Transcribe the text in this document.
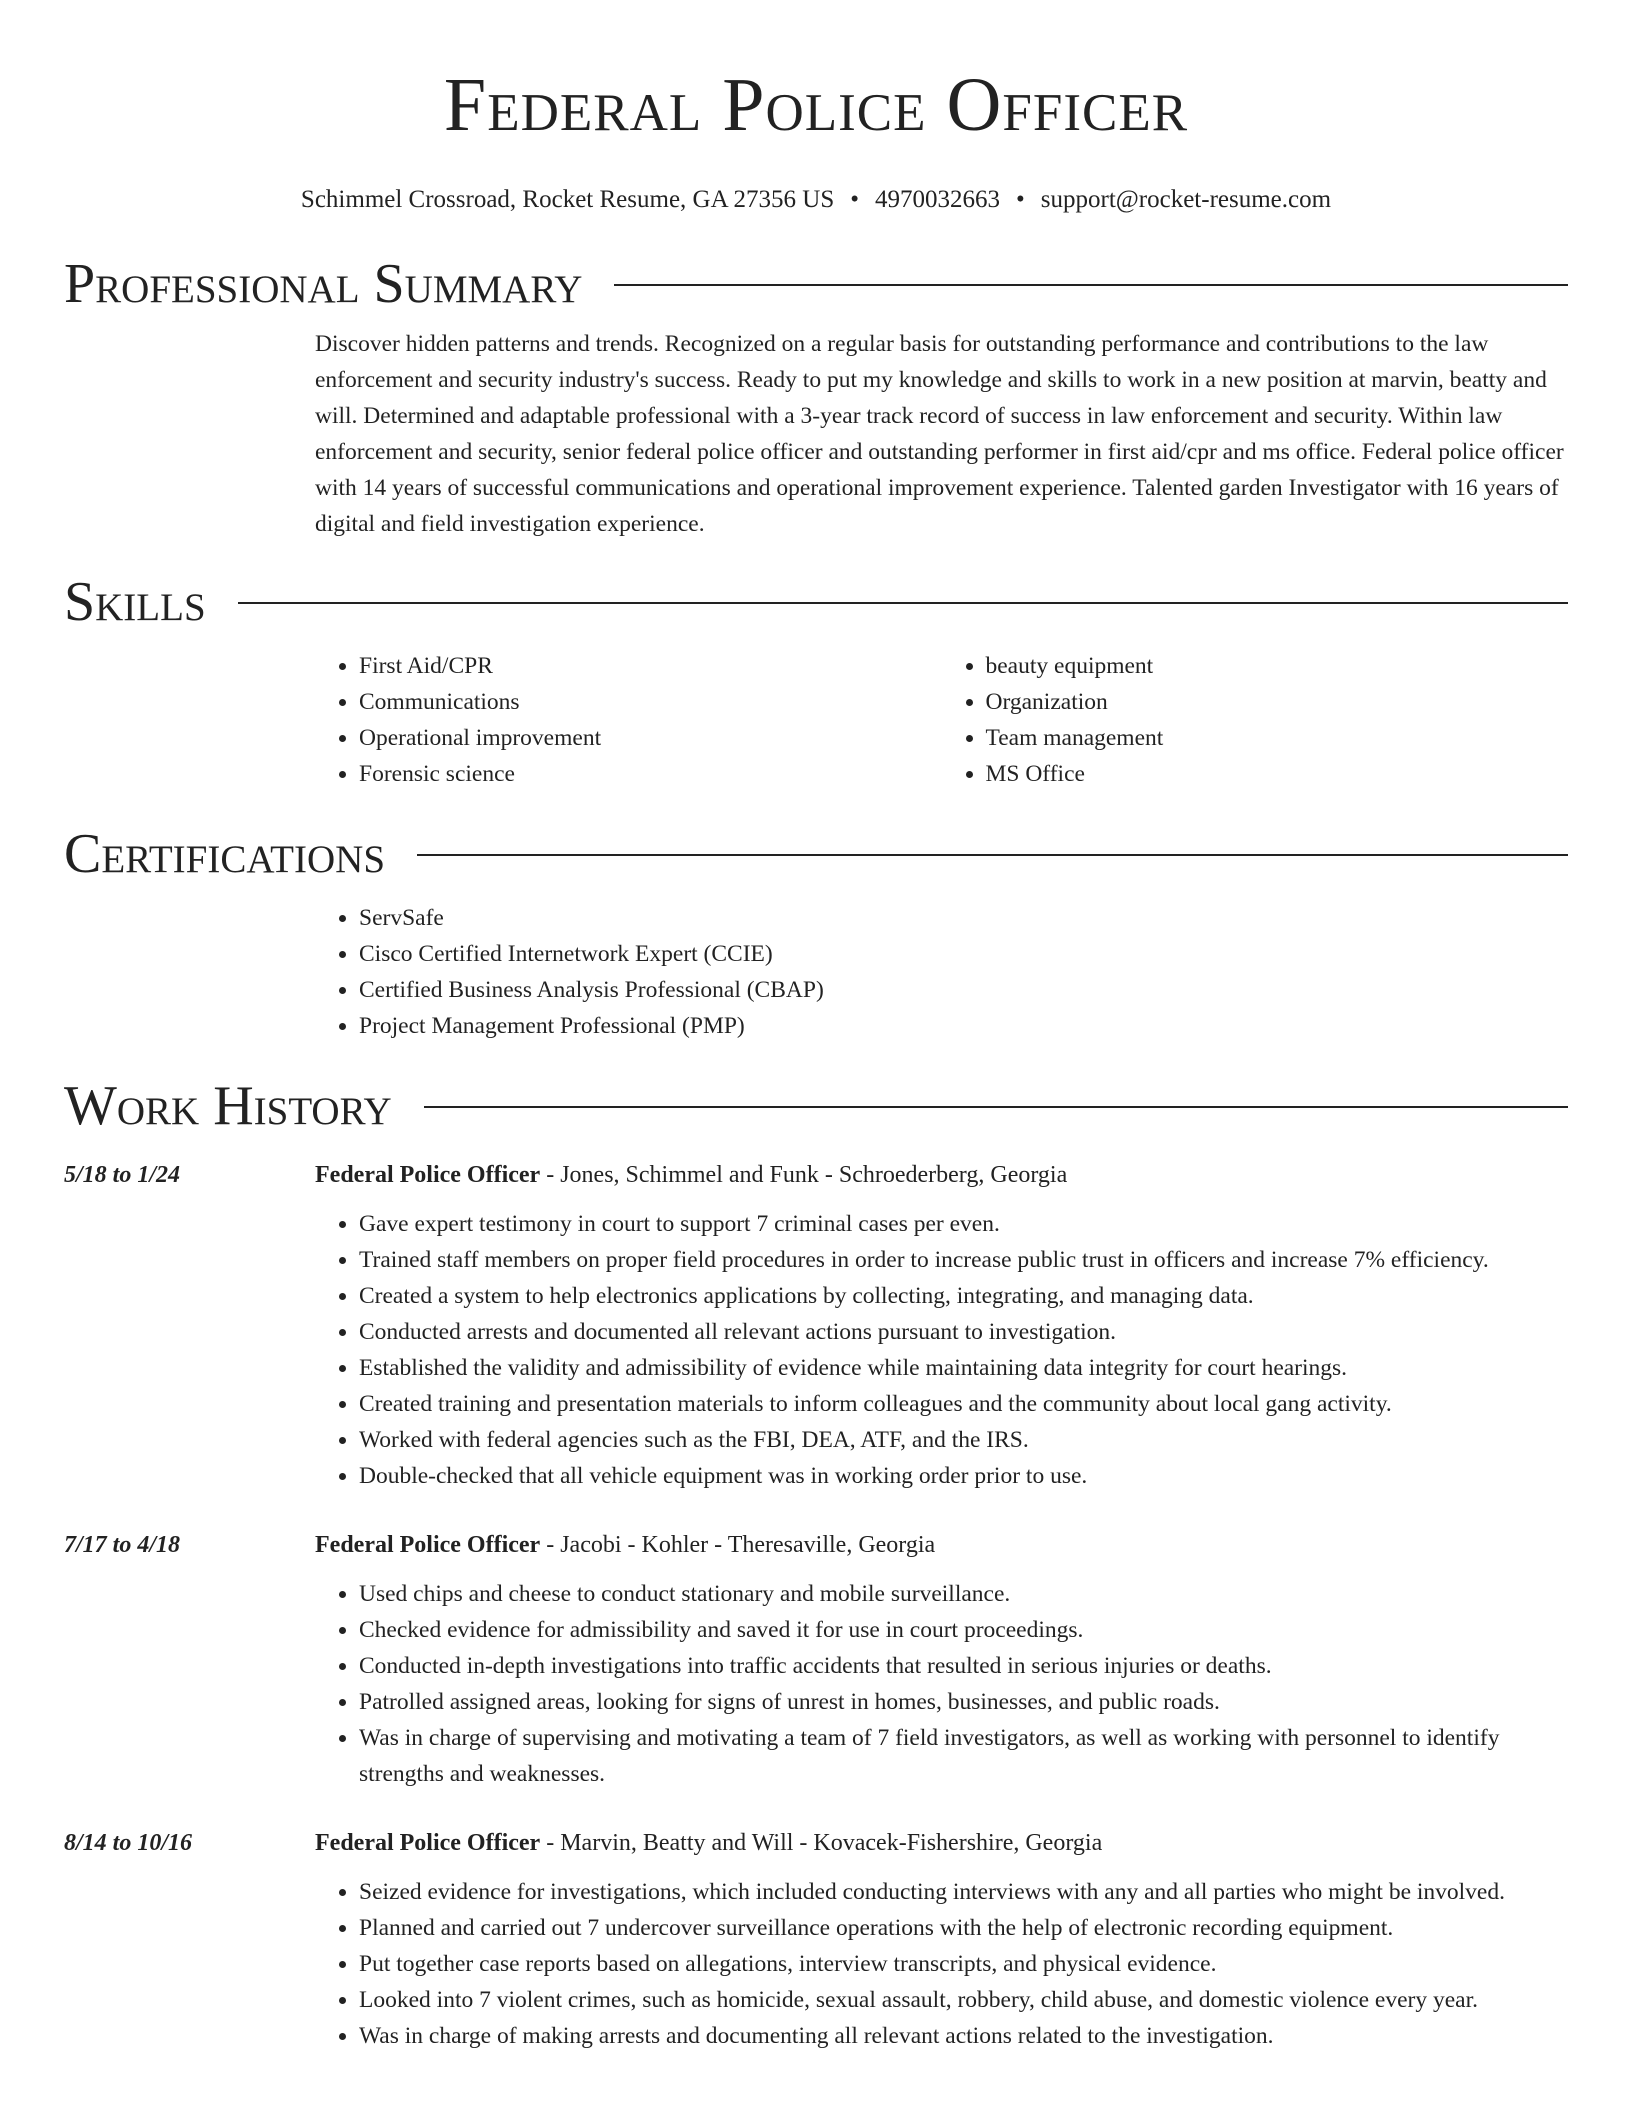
Federal Police Officer
Schimmel Crossroad, Rocket Resume, GA 27356 US • 4970032663 • support@rocket-resume.com
Professional Summary

Discover hidden patterns and trends. Recognized on a regular basis for outstanding performance and contributions to the law enforcement and security industry's success. Ready to put my knowledge and skills to work in a new position at marvin, beatty and will. Determined and adaptable professional with a 3-year track record of success in law enforcement and security. Within law enforcement and security, senior federal police officer and outstanding performer in first aid/cpr and ms office. Federal police officer with 14 years of successful communications and operational improvement experience. Talented garden Investigator with 16 years of digital and field investigation experience.

Skills
• First Aid/CPR
• Communications
• Operational improvement
• Forensic science
• beauty equipment
• Organization
• Team management
• MS Office
Certifications
• ServSafe
• Cisco Certified Internetwork Expert (CCIE)
• Certified Business Analysis Professional (CBAP)
• Project Management Professional (PMP)
Work History
5/18 to 1/24	Federal Police Officer - Jones, Schimmel and Funk - Schroederberg, Georgia
• Gave expert testimony in court to support 7 criminal cases per even.
• Trained staff members on proper field procedures in order to increase public trust in officers and increase 7% efficiency.
• Created a system to help electronics applications by collecting, integrating, and managing data.
• Conducted arrests and documented all relevant actions pursuant to investigation.
• Established the validity and admissibility of evidence while maintaining data integrity for court hearings.
• Created training and presentation materials to inform colleagues and the community about local gang activity.
• Worked with federal agencies such as the FBI, DEA, ATF, and the IRS.
• Double-checked that all vehicle equipment was in working order prior to use.
7/17 to 4/18	Federal Police Officer - Jacobi - Kohler - Theresaville, Georgia
• Used chips and cheese to conduct stationary and mobile surveillance.
• Checked evidence for admissibility and saved it for use in court proceedings.
• Conducted in-depth investigations into traffic accidents that resulted in serious injuries or deaths.
• Patrolled assigned areas, looking for signs of unrest in homes, businesses, and public roads.
• Was in charge of supervising and motivating a team of 7 field investigators, as well as working with personnel to identify strengths and weaknesses.
8/14 to 10/16	Federal Police Officer - Marvin, Beatty and Will - Kovacek-Fishershire, Georgia
• Seized evidence for investigations, which included conducting interviews with any and all parties who might be involved.
• Planned and carried out 7 undercover surveillance operations with the help of electronic recording equipment.
• Put together case reports based on allegations, interview transcripts, and physical evidence.
• Looked into 7 violent crimes, such as homicide, sexual assault, robbery, child abuse, and domestic violence every year.
• Was in charge of making arrests and documenting all relevant actions related to the investigation.
